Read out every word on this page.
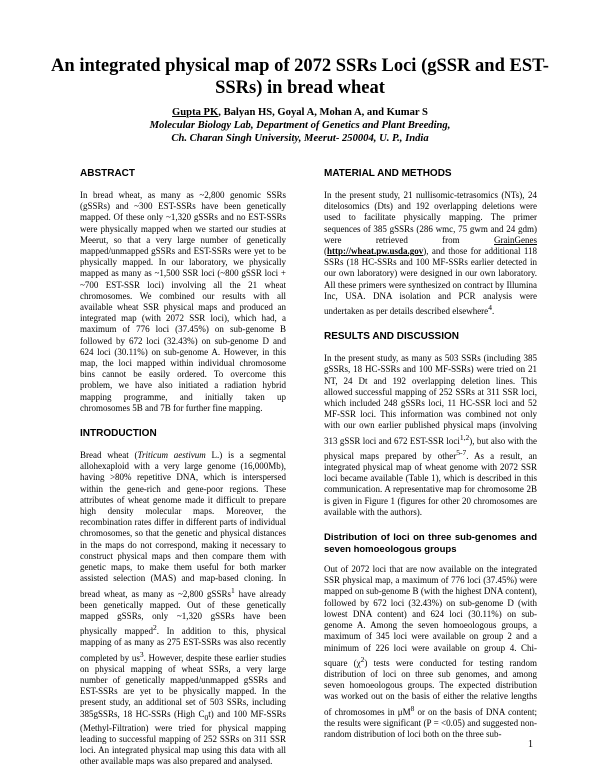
An integrated physical map of 2072 SSRs Loci (gSSR and EST-SSRs) in bread wheat
Gupta PK, Balyan HS, Goyal A, Mohan A, and Kumar S
Molecular Biology Lab, Department of Genetics and Plant Breeding,
Ch. Charan Singh University, Meerut- 250004, U. P., India
ABSTRACT

In bread wheat, as many as ~2,800 genomic SSRs (gSSRs) and ~300 EST-SSRs have been genetically mapped. Of these only ~1,320 gSSRs and no EST-SSRs were physically mapped when we started our studies at Meerut, so that a very large number of genetically mapped/unmapped gSSRs and EST-SSRs were yet to be physically mapped. In our laboratory, we physically mapped as many as ~1,500 SSR loci (~800 gSSR loci + ~700 EST-SSR loci) involving all the 21 wheat chromosomes. We combined our results with all available wheat SSR physical maps and produced an integrated map (with 2072 SSR loci), which had, a maximum of 776 loci (37.45%) on sub-genome B followed by 672 loci (32.43%) on sub-genome D and 624 loci (30.11%) on sub-genome A. However, in this map, the loci mapped within individual chromosome bins cannot be easily ordered. To overcome this problem, we have also initiated a radiation hybrid mapping programme, and initially taken up chromosomes 5B and 7B for further fine mapping.

INTRODUCTION

Bread wheat (Triticum aestivum L.) is a segmental allohexaploid with a very large genome (16,000Mb), having >80% repetitive DNA, which is interspersed within the gene-rich and gene-poor regions. These attributes of wheat genome made it difficult to prepare high density molecular maps. Moreover, the recombination rates differ in different parts of individual chromosomes, so that the genetic and physical distances in the maps do not correspond, making it necessary to construct physical maps and then compare them with genetic maps, to make them useful for both marker assisted selection (MAS) and map-based cloning. In bread wheat, as many as ~2,800 gSSRs$^1$ have already been genetically mapped. Out of these genetically mapped gSSRs, only ~1,320 gSSRs have been physically mapped$^2$. In addition to this, physical mapping of as many as 275 EST-SSRs was also recently completed by $us^3$. However, despite these earlier studies on physical mapping of wheat SSRs, a very large number of genetically mapped/unmapped gSSRs and EST-SSRs are yet to be physically mapped. In the present study, an additional set of 503 SSRs, including 385gSSRs, 18 HC-SSRs (High $C_0t$) and 100 MF-SSRs (Methyl-Filtration) were tried for physical mapping leading to successful mapping of 252 SSRs on 311 SSR loci. An integrated physical map using this data with all other available maps was also prepared and analysed.

MATERIAL AND METHODS

In the present study, 21 nullisomic-tetrasomics (NTs), 24 ditelosomics (Dts) and 192 overlapping deletions were used to facilitate physically mapping. The primer sequences of 385 gSSRs (286 wmc, 75 gwm and 24 gdm) were retrieved from GrainGenes (http://wheat.pw.usda.gov), and those for additional 118 SSRs (18 HC-SSRs and 100 MF-SSRs earlier detected in our own laboratory) were designed in our own laboratory. All these primers were synthesized on contract by Illumina Inc, USA. DNA isolation and PCR analysis were undertaken as per details described elsewhere$^4$.

RESULTS AND DISCUSSION

In the present study, as many as 503 SSRs (including 385 gSSRs, 18 HC-SSRs and 100 MF-SSRs) were tried on 21 NT, 24 Dt and 192 overlapping deletion lines. This allowed successful mapping of 252 SSRs at 311 SSR loci, which included 248 gSSRs loci, 11 HC-SSR loci and 52 MF-SSR loci. This information was combined not only with our own earlier published physical maps (involving 313 gSSR loci and 672 EST-SSR loci$^{1,2}$), but also with the physical maps prepared by other$^{5-7}$. As a result, an integrated physical map of wheat genome with 2072 SSR loci became available (Table 1), which is described in this communication. A representative map for chromosome 2B is given in Figure 1 (figures for other 20 chromosomes are available with the authors).

Distribution of loci on three sub-genomes and seven homoeologous groups

Out of 2072 loci that are now available on the integrated SSR physical map, a maximum of 776 loci (37.45%) were mapped on sub-genome B (with the highest DNA content), followed by 672 loci (32.43%) on sub-genome D (with lowest DNA content) and 624 loci (30.11%) on sub-genome A. Among the seven homoeologous groups, a maximum of 345 loci were available on group 2 and a minimum of 226 loci were available on group 4. Chi-square $(\chi^2)$ tests were conducted for testing random distribution of loci on three sub genomes, and among seven homoeologous groups. The expected distribution was worked out on the basis of either the relative lengths of chromosomes in $\mu M^8$ or on the basis of DNA content; the results were significant (P = <0.05) and suggested non-random distribution of loci both on the three sub-

1
